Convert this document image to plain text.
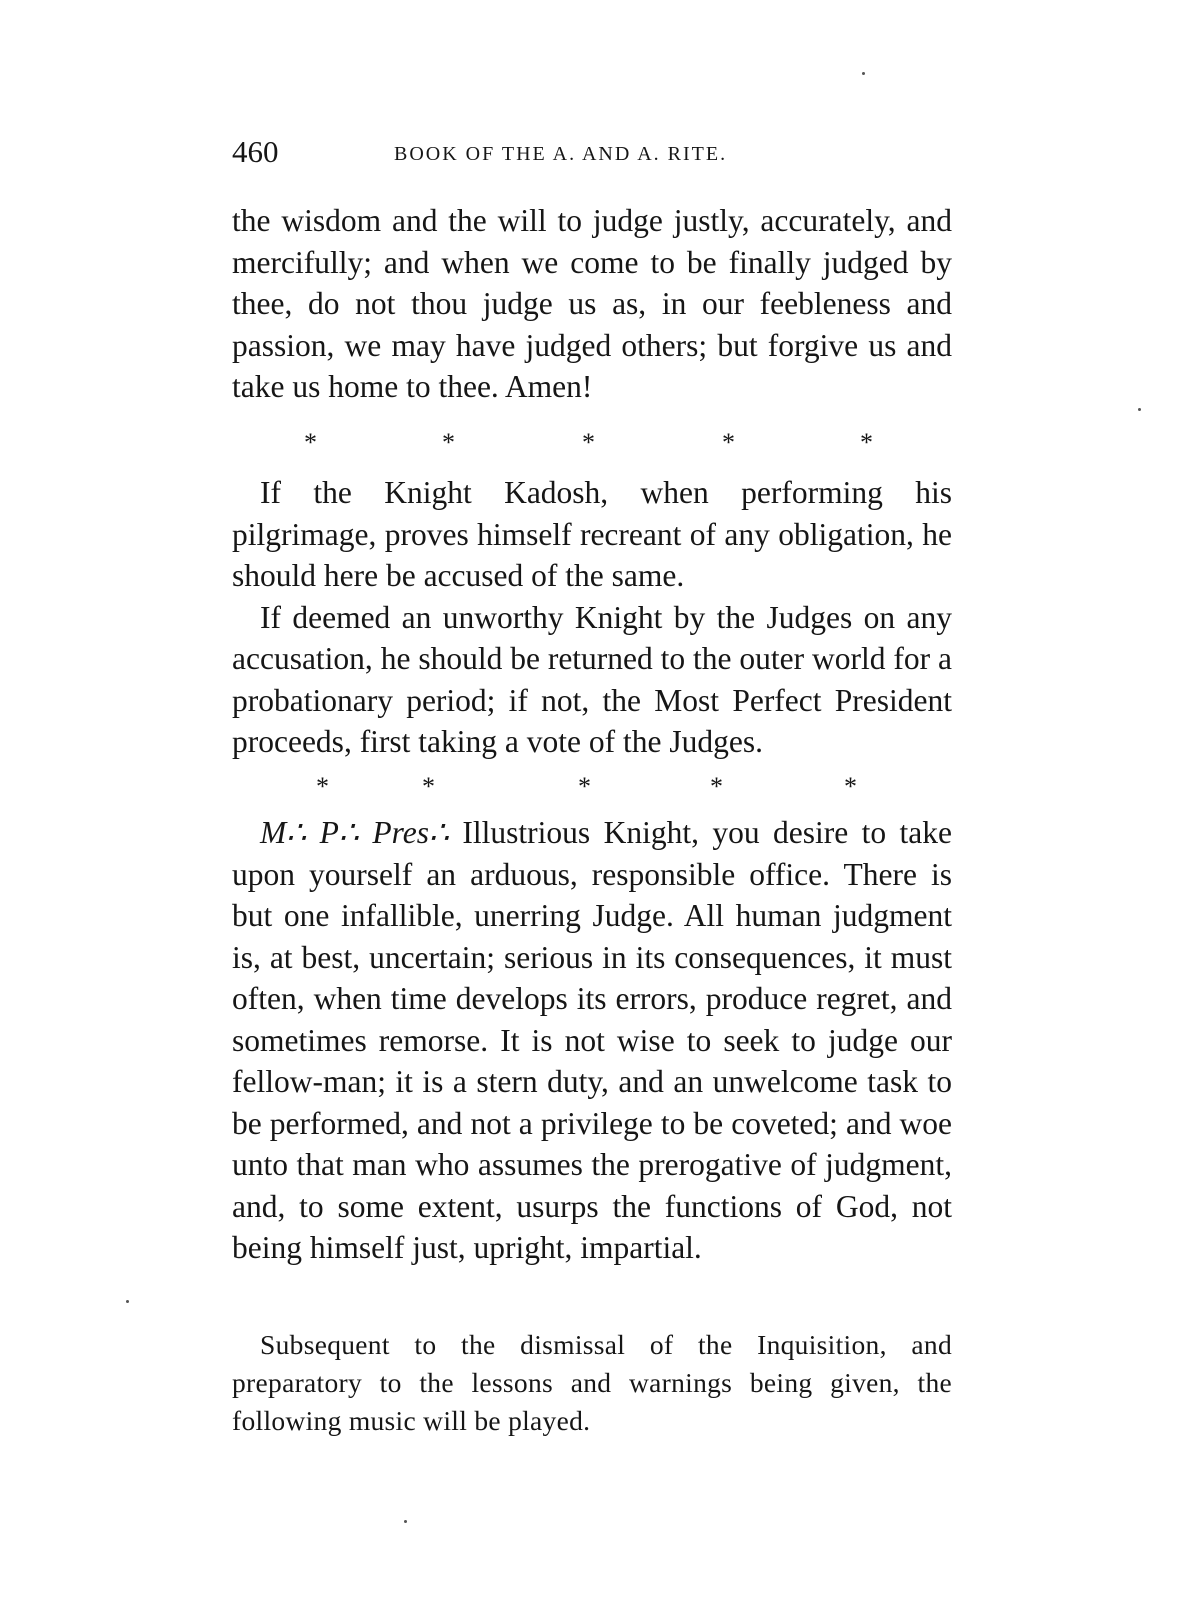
460	BOOK OF THE A. AND A. RITE.

the wisdom and the will to judge justly, accurately, and mercifully; and when we come to be finally judged by thee, do not thou judge us as, in our feebleness and passion, we may have judged others; but forgive us and take us home to thee. Amen!

*	*	*	*	*

If the Knight Kadosh, when performing his pilgrimage, proves himself recreant of any obligation, he should here be accused of the same.

If deemed an unworthy Knight by the Judges on any accusation, he should be returned to the outer world for a probationary period; if not, the Most Perfect President proceeds, first taking a vote of the Judges.

*	*	*	*	*

M∴ P∴ Pres∴ Illustrious Knight, you desire to take upon yourself an arduous, responsible office. There is but one infallible, unerring Judge. All human judgment is, at best, uncertain; serious in its consequences, it must often, when time develops its errors, produce regret, and sometimes remorse. It is not wise to seek to judge our fellow-man; it is a stern duty, and an unwelcome task to be performed, and not a privilege to be coveted; and woe unto that man who assumes the prerogative of judgment, and, to some extent, usurps the functions of God, not being himself just, upright, impartial.

Subsequent to the dismissal of the Inquisition, and preparatory to the lessons and warnings being given, the following music will be played.
